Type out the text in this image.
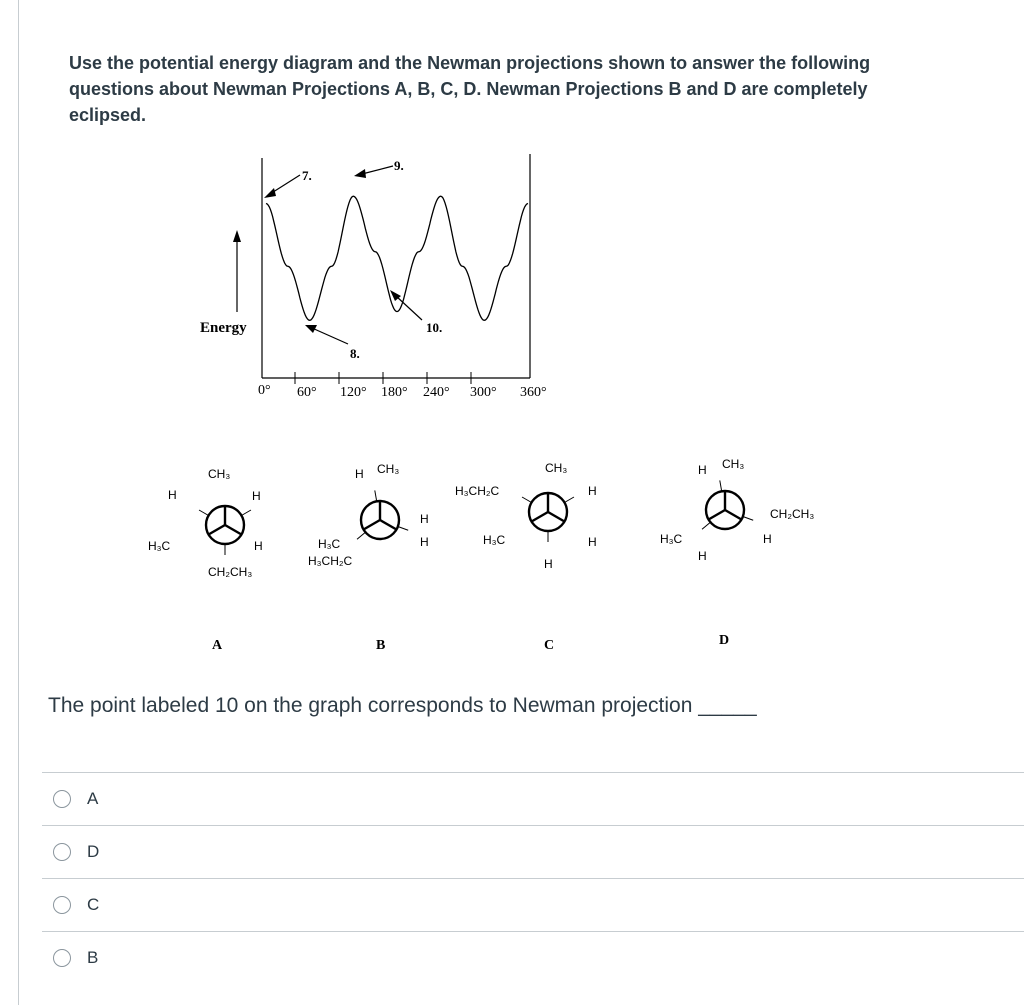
Use the potential energy diagram and the Newman projections shown to answer the following questions about Newman Projections A, B, C, D. Newman Projections B and D are completely eclipsed.
Energy
0° 60° 120° 180° 240° 300° 360°
7.
9.
8.
10.
CH₃
H	H
H₃C	H
CH₂CH₃
H CH₃
H
H
H₃C
H₃CH₂C
CH₃
H₃CH₂C	H
H₃C	H
H
H CH₃
CH₂CH₃
H
H₃C
H
A	B	C	D
The point labeled 10 on the graph corresponds to Newman projection _____
A
D
C
B
